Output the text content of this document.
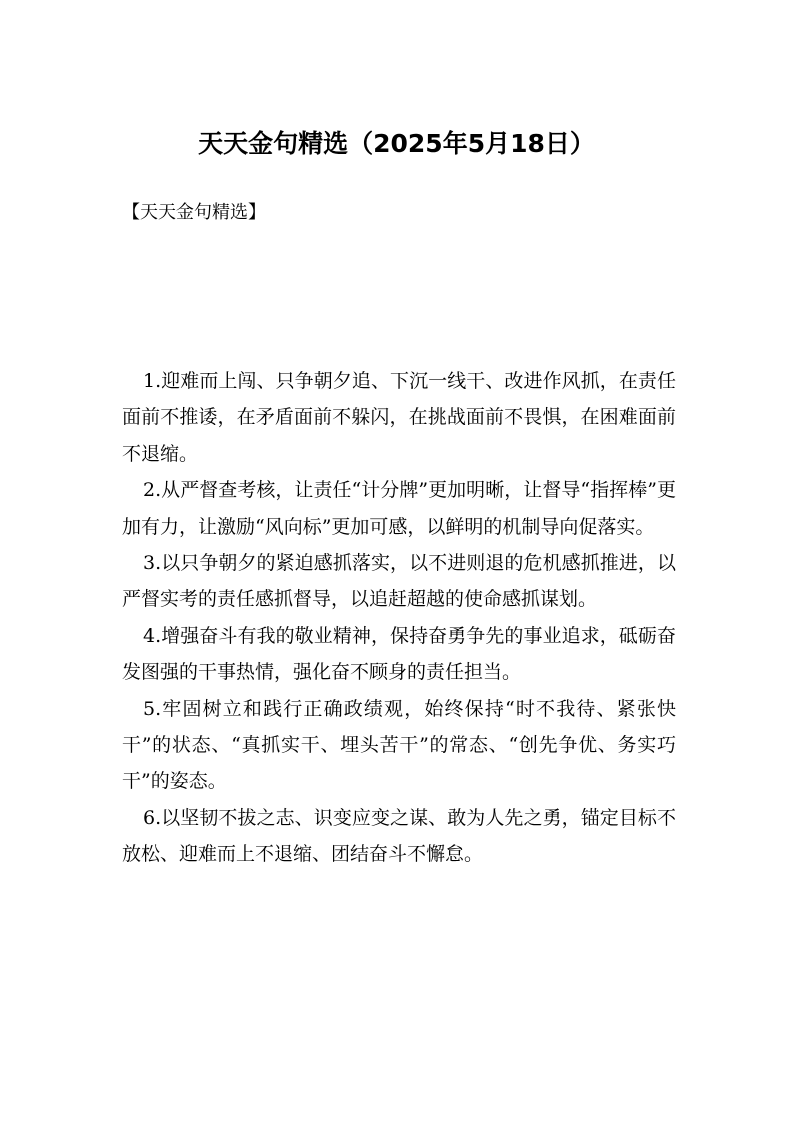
天天金句精选（2025年5月18日）
【天天金句精选】

1.迎难而上闯、只争朝夕追、下沉一线干、改进作风抓，在责任面前不推诿，在矛盾面前不躲闪，在挑战面前不畏惧，在困难面前不退缩。

2.从严督查考核，让责任“计分牌”更加明晰，让督导“指挥棒”更加有力，让激励“风向标”更加可感，以鲜明的机制导向促落实。

3.以只争朝夕的紧迫感抓落实，以不进则退的危机感抓推进，以严督实考的责任感抓督导，以追赶超越的使命感抓谋划。

4.增强奋斗有我的敬业精神，保持奋勇争先的事业追求，砥砺奋发图强的干事热情，强化奋不顾身的责任担当。

5.牢固树立和践行正确政绩观，始终保持“时不我待、紧张快干”的状态、“真抓实干、埋头苦干”的常态、“创先争优、务实巧干”的姿态。

6.以坚韧不拔之志、识变应变之谋、敢为人先之勇，锚定目标不放松、迎难而上不退缩、团结奋斗不懈怠。
